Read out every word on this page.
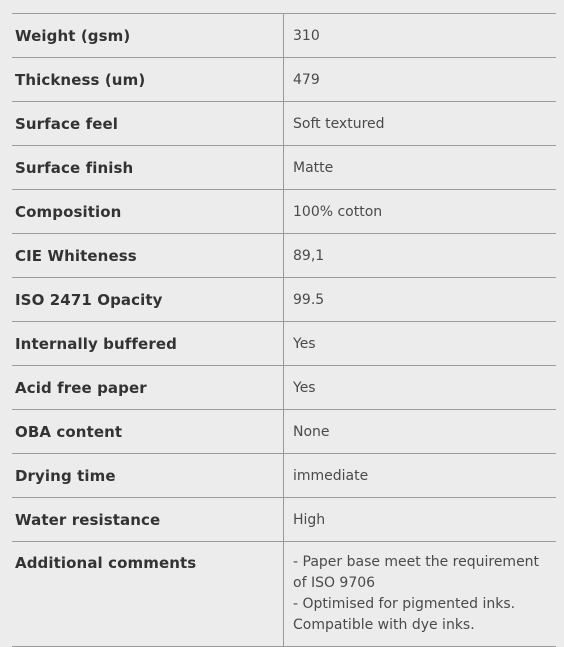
Weight (gsm)	310
Thickness (um)	479
Surface feel	Soft textured
Surface finish	Matte
Composition	100% cotton
CIE Whiteness	89,1
ISO 2471 Opacity	99.5
Internally buffered	Yes
Acid free paper	Yes
OBA content	None
Drying time	immediate
Water resistance	High
Additional comments	- Paper base meet the requirement of ISO 9706
- Optimised for pigmented inks. Compatible with dye inks.
